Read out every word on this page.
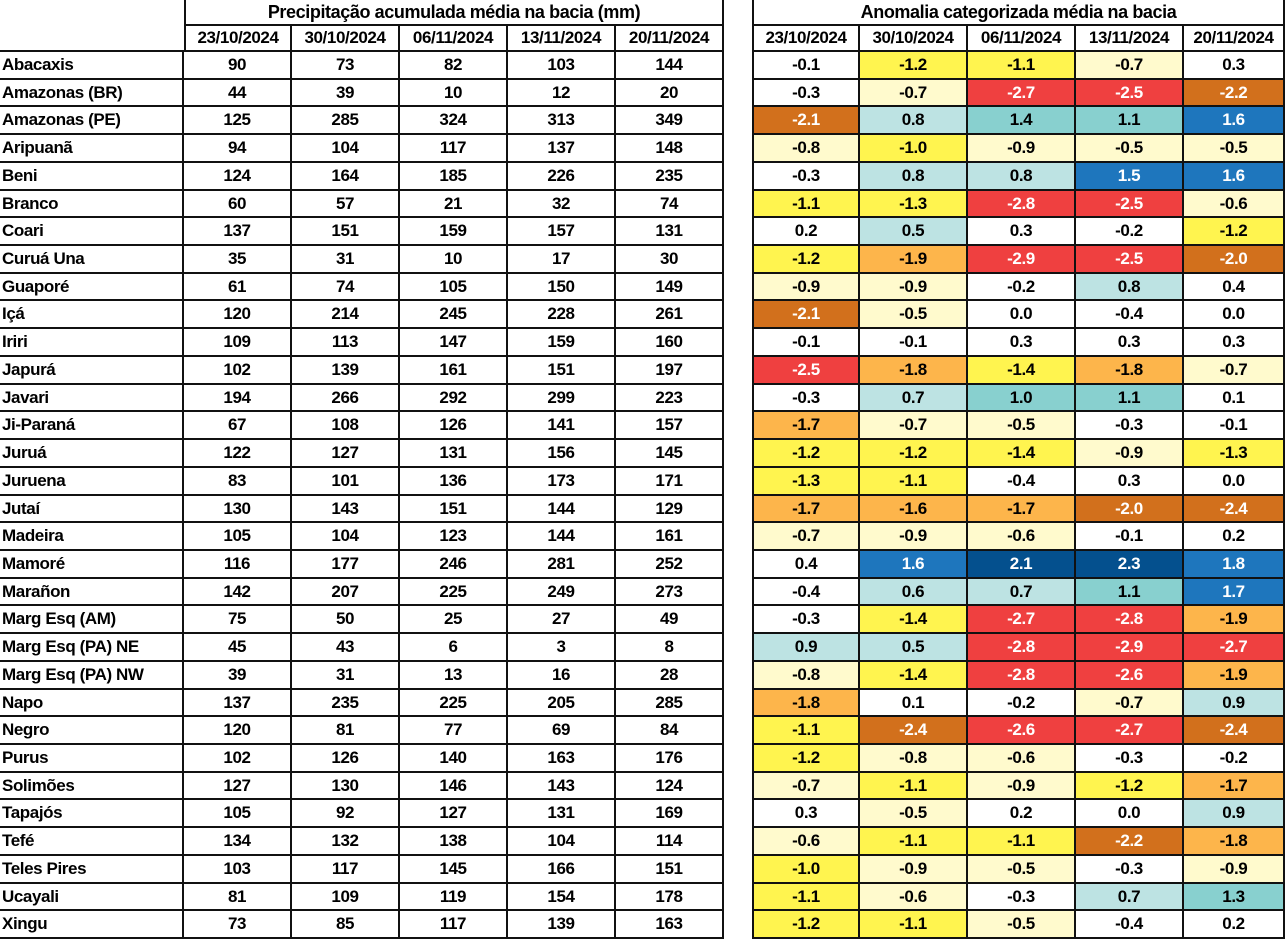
Precipitação acumulada média na bacia (mm)
23/10/2024	30/10/2024	06/11/2024	13/11/2024	20/11/2024
Anomalia categorizada média na bacia
23/10/2024	30/10/2024	06/11/2024	13/11/2024	20/11/2024
Abacaxis	90	73	82	103	144	-0.1	-1.2	-1.1	-0.7	0.3
Amazonas (BR)	44	39	10	12	20	-0.3	-0.7	-2.7	-2.5	-2.2
Amazonas (PE)	125	285	324	313	349	-2.1	0.8	1.4	1.1	1.6
Aripuanã	94	104	117	137	148	-0.8	-1.0	-0.9	-0.5	-0.5
Beni	124	164	185	226	235	-0.3	0.8	0.8	1.5	1.6
Branco	60	57	21	32	74	-1.1	-1.3	-2.8	-2.5	-0.6
Coari	137	151	159	157	131	0.2	0.5	0.3	-0.2	-1.2
Curuá Una	35	31	10	17	30	-1.2	-1.9	-2.9	-2.5	-2.0
Guaporé	61	74	105	150	149	-0.9	-0.9	-0.2	0.8	0.4
Içá	120	214	245	228	261	-2.1	-0.5	0.0	-0.4	0.0
Iriri	109	113	147	159	160	-0.1	-0.1	0.3	0.3	0.3
Japurá	102	139	161	151	197	-2.5	-1.8	-1.4	-1.8	-0.7
Javari	194	266	292	299	223	-0.3	0.7	1.0	1.1	0.1
Ji-Paraná	67	108	126	141	157	-1.7	-0.7	-0.5	-0.3	-0.1
Juruá	122	127	131	156	145	-1.2	-1.2	-1.4	-0.9	-1.3
Juruena	83	101	136	173	171	-1.3	-1.1	-0.4	0.3	0.0
Jutaí	130	143	151	144	129	-1.7	-1.6	-1.7	-2.0	-2.4
Madeira	105	104	123	144	161	-0.7	-0.9	-0.6	-0.1	0.2
Mamoré	116	177	246	281	252	0.4	1.6	2.1	2.3	1.8
Marañon	142	207	225	249	273	-0.4	0.6	0.7	1.1	1.7
Marg Esq (AM)	75	50	25	27	49	-0.3	-1.4	-2.7	-2.8	-1.9
Marg Esq (PA) NE	45	43	6	3	8	0.9	0.5	-2.8	-2.9	-2.7
Marg Esq (PA) NW	39	31	13	16	28	-0.8	-1.4	-2.8	-2.6	-1.9
Napo	137	235	225	205	285	-1.8	0.1	-0.2	-0.7	0.9
Negro	120	81	77	69	84	-1.1	-2.4	-2.6	-2.7	-2.4
Purus	102	126	140	163	176	-1.2	-0.8	-0.6	-0.3	-0.2
Solimões	127	130	146	143	124	-0.7	-1.1	-0.9	-1.2	-1.7
Tapajós	105	92	127	131	169	0.3	-0.5	0.2	0.0	0.9
Tefé	134	132	138	104	114	-0.6	-1.1	-1.1	-2.2	-1.8
Teles Pires	103	117	145	166	151	-1.0	-0.9	-0.5	-0.3	-0.9
Ucayali	81	109	119	154	178	-1.1	-0.6	-0.3	0.7	1.3
Xingu	73	85	117	139	163	-1.2	-1.1	-0.5	-0.4	0.2
